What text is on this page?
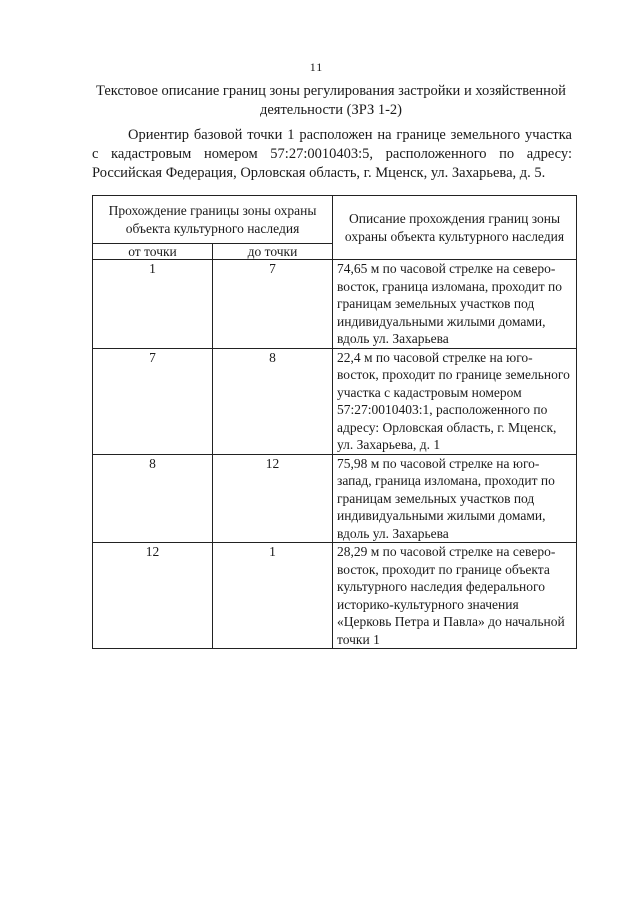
11
Текстовое описание границ зоны регулирования застройки и хозяйственной деятельности (ЗРЗ 1-2)
Ориентир базовой точки 1 расположен на границе земельного участка с кадастровым номером 57:27:0010403:5, расположенного по адресу: Российская Федерация, Орловская область, г. Мценск, ул. Захарьева, д. 5.
Прохождение границы зоны охраны объекта культурного наследия		Описание прохождения границ зоны охраны объекта культурного наследия
от точки	до точки	
1	7	74,65 м по часовой стрелке на северо-восток, граница изломана, проходит по границам земельных участков под индивидуальными жилыми домами, вдоль ул. Захарьева
7	8	22,4 м по часовой стрелке на юго-восток, проходит по границе земельного участка с кадастровым номером 57:27:0010403:1, расположенного по адресу: Орловская область, г. Мценск, ул. Захарьева, д. 1
8	12	75,98 м по часовой стрелке на юго-запад, граница изломана, проходит по границам земельных участков под индивидуальными жилыми домами, вдоль ул. Захарьева
12	1	28,29 м по часовой стрелке на северо-восток, проходит по границе объекта культурного наследия федерального историко-культурного значения «Церковь Петра и Павла» до начальной точки 1
